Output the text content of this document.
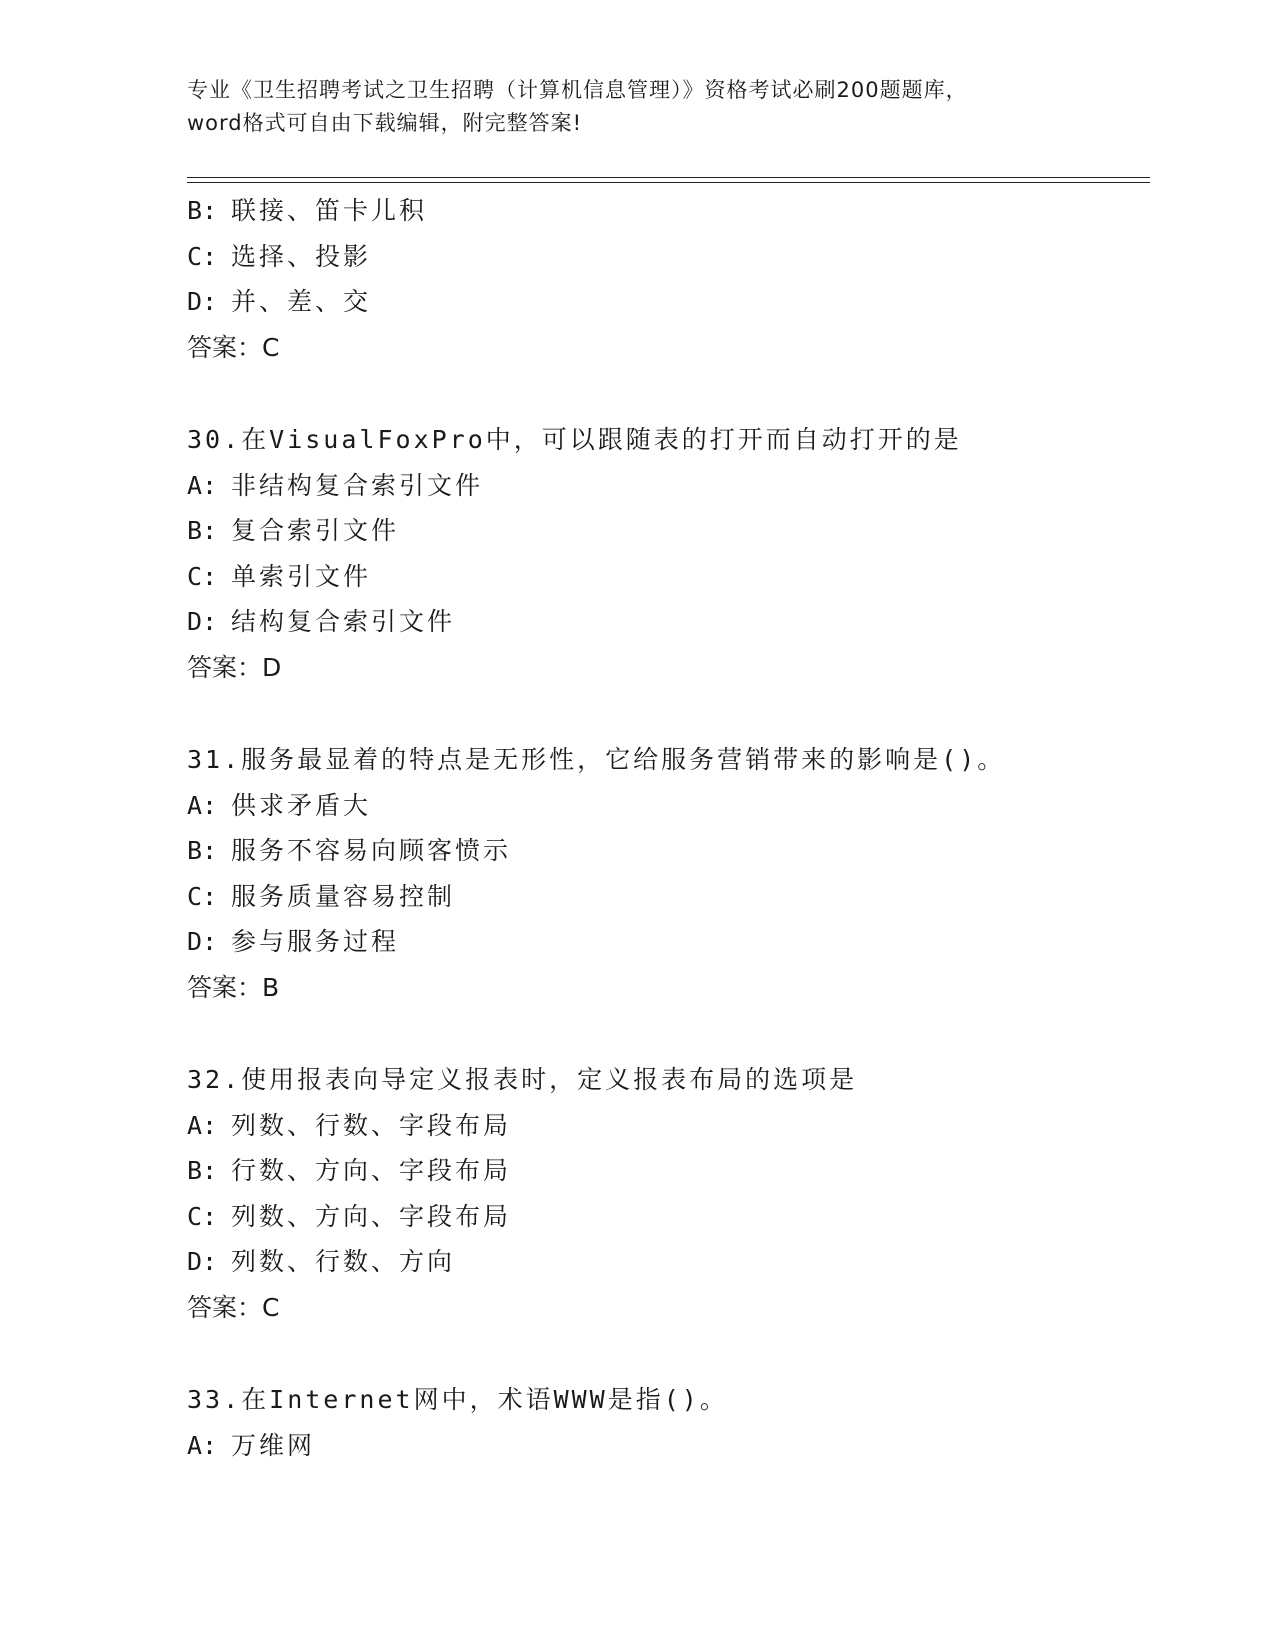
专业《卫生招聘考试之卫生招聘（计算机信息管理）》资格考试必刷200题题库，
word格式可自由下载编辑，附完整答案!
B: 联接、笛卡儿积
C: 选择、投影
D: 并、差、交
答案：C
30.在VisualFoxPro中，可以跟随表的打开而自动打开的是
A: 非结构复合索引文件
B: 复合索引文件
C: 单索引文件
D: 结构复合索引文件
答案：D
31.服务最显着的特点是无形性，它给服务营销带来的影响是()。
A: 供求矛盾大
B: 服务不容易向顾客愤示
C: 服务质量容易控制
D: 参与服务过程
答案：B
32.使用报表向导定义报表时，定义报表布局的选项是
A: 列数、行数、字段布局
B: 行数、方向、字段布局
C: 列数、方向、字段布局
D: 列数、行数、方向
答案：C
33.在Internet网中，术语WWW是指()。
A: 万维网
